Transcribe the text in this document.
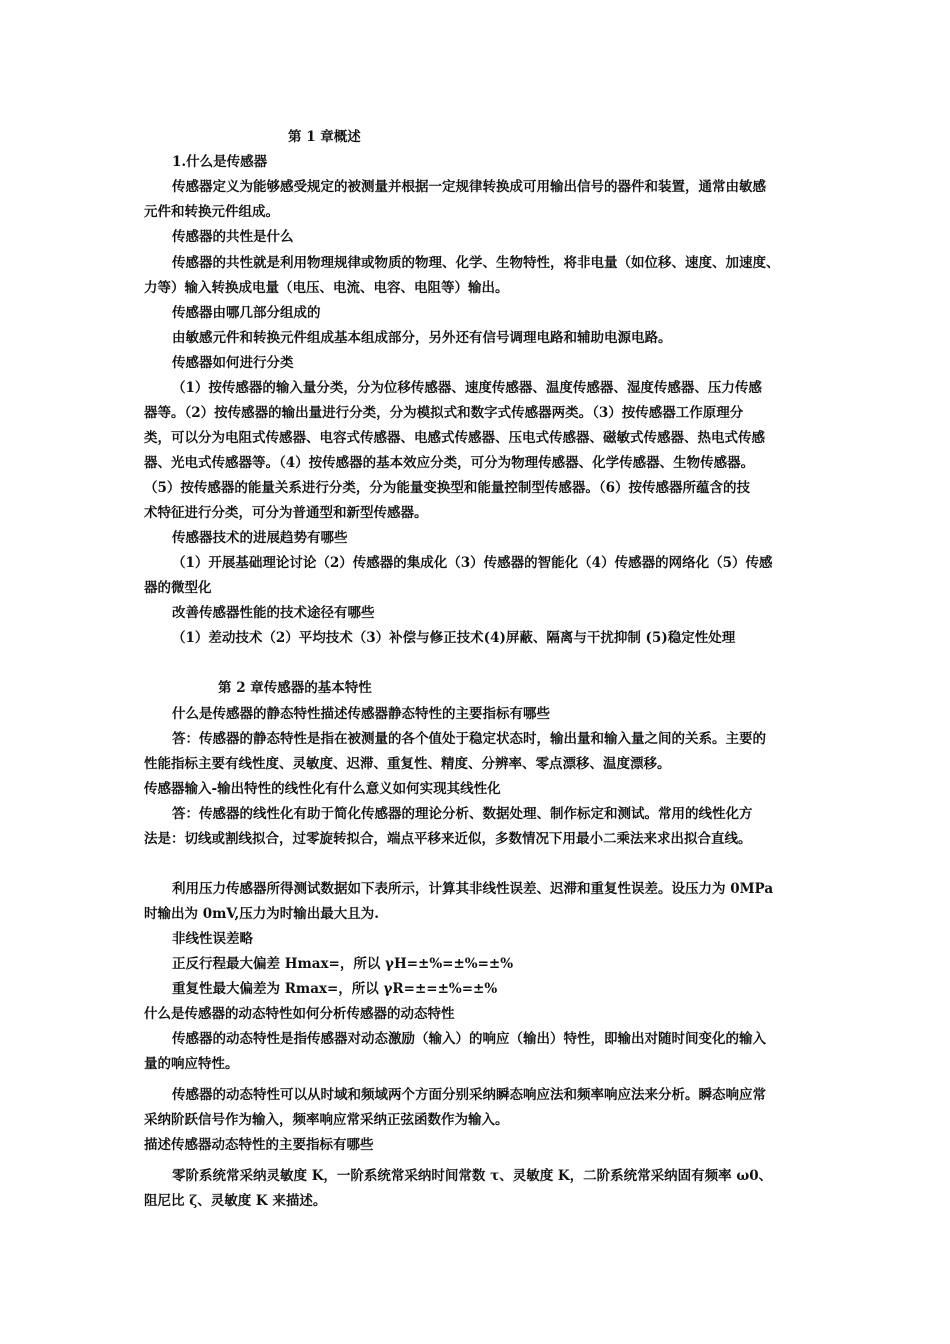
第 1 章概述
1.什么是传感器
传感器定义为能够感受规定的被测量并根据一定规律转换成可用输出信号的器件和装置，通常由敏感
元件和转换元件组成。
传感器的共性是什么
传感器的共性就是利用物理规律或物质的物理、化学、生物特性，将非电量（如位移、速度、加速度、
力等）输入转换成电量（电压、电流、电容、电阻等）输出。
传感器由哪几部分组成的
由敏感元件和转换元件组成基本组成部分，另外还有信号调理电路和辅助电源电路。
传感器如何进行分类
（1）按传感器的输入量分类，分为位移传感器、速度传感器、温度传感器、湿度传感器、压力传感
器等。（2）按传感器的输出量进行分类，分为模拟式和数字式传感器两类。（3）按传感器工作原理分
类，可以分为电阻式传感器、电容式传感器、电感式传感器、压电式传感器、磁敏式传感器、热电式传感
器、光电式传感器等。（4）按传感器的基本效应分类，可分为物理传感器、化学传感器、生物传感器。
（5）按传感器的能量关系进行分类，分为能量变换型和能量控制型传感器。（6）按传感器所蕴含的技
术特征进行分类，可分为普通型和新型传感器。
传感器技术的进展趋势有哪些
（1）开展基础理论讨论（2）传感器的集成化（3）传感器的智能化（4）传感器的网络化（5）传感
器的微型化
改善传感器性能的技术途径有哪些
（1）差动技术（2）平均技术（3）补偿与修正技术(4)屏蔽、隔离与干扰抑制 (5)稳定性处理
第 2 章传感器的基本特性
什么是传感器的静态特性描述传感器静态特性的主要指标有哪些
答：传感器的静态特性是指在被测量的各个值处于稳定状态时，输出量和输入量之间的关系。主要的
性能指标主要有线性度、灵敏度、迟滞、重复性、精度、分辨率、零点漂移、温度漂移。
传感器输入-输出特性的线性化有什么意义如何实现其线性化
答：传感器的线性化有助于简化传感器的理论分析、数据处理、制作标定和测试。常用的线性化方
法是：切线或割线拟合，过零旋转拟合，端点平移来近似，多数情况下用最小二乘法来求出拟合直线。
利用压力传感器所得测试数据如下表所示，计算其非线性误差、迟滞和重复性误差。设压力为 0MPa
时输出为 0mV,压力为时输出最大且为.
非线性误差略
正反行程最大偏差 Hmax=，所以 γH=±%=±%=±%
重复性最大偏差为 Rmax=，所以 γR=±=±%=±%
什么是传感器的动态特性如何分析传感器的动态特性
传感器的动态特性是指传感器对动态激励（输入）的响应（输出）特性，即输出对随时间变化的输入
量的响应特性。
传感器的动态特性可以从时域和频域两个方面分别采纳瞬态响应法和频率响应法来分析。瞬态响应常
采纳阶跃信号作为输入，频率响应常采纳正弦函数作为输入。
描述传感器动态特性的主要指标有哪些
零阶系统常采纳灵敏度 K，一阶系统常采纳时间常数 τ、灵敏度 K，二阶系统常采纳固有频率 ω0、
阻尼比 ζ、灵敏度 K 来描述。
